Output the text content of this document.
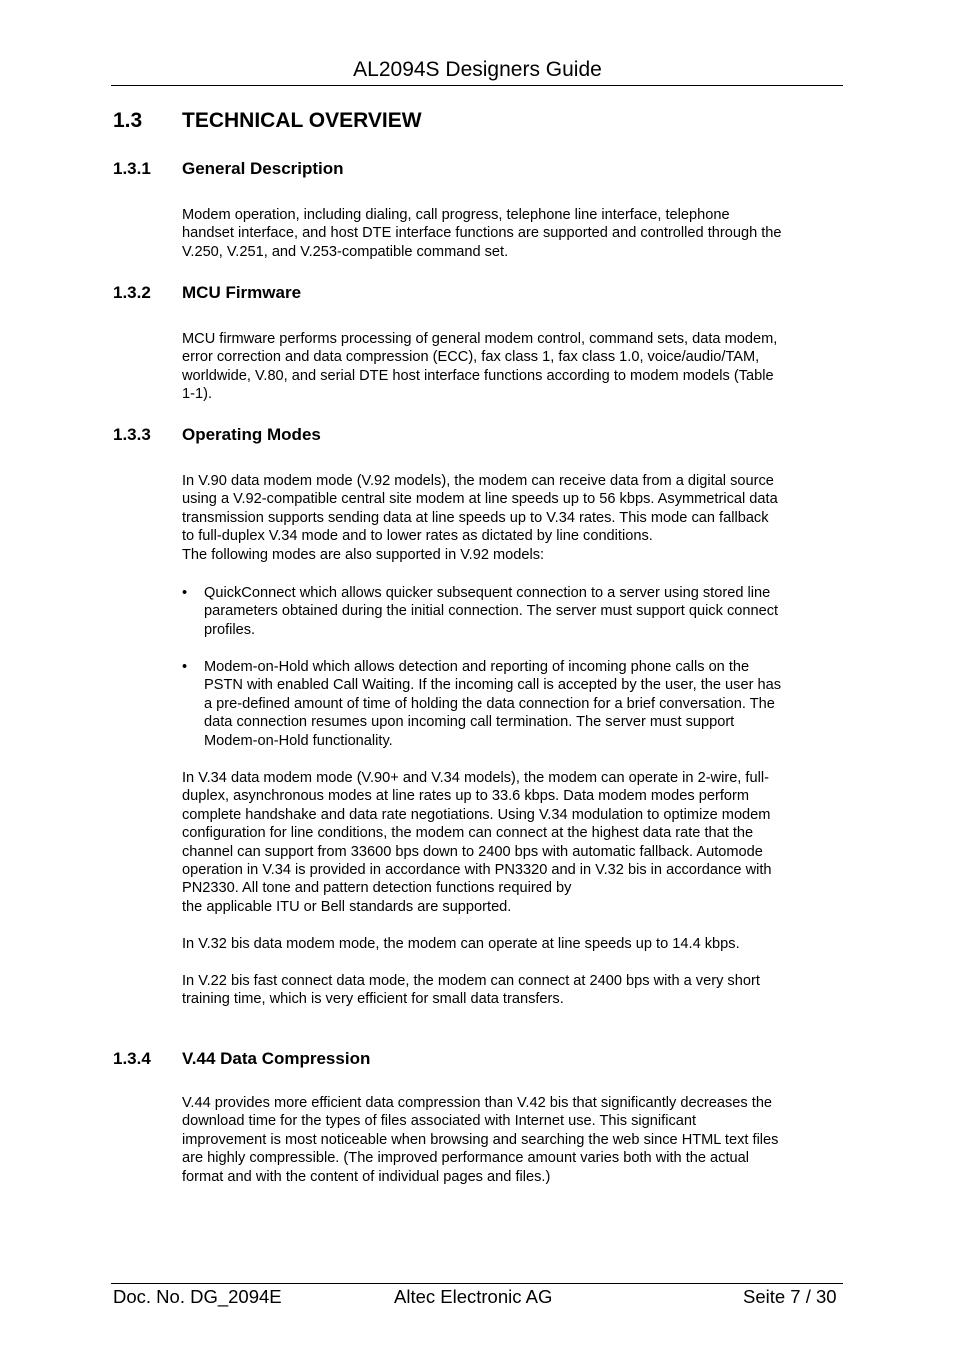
AL2094S Designers Guide
1.3 TECHNICAL OVERVIEW
1.3.1 General Description
Modem operation, including dialing, call progress, telephone line interface, telephone
handset interface, and host DTE interface functions are supported and controlled through the
V.250, V.251, and V.253-compatible command set.
1.3.2 MCU Firmware
MCU firmware performs processing of general modem control, command sets, data modem,
error correction and data compression (ECC), fax class 1, fax class 1.0, voice/audio/TAM,
worldwide, V.80, and serial DTE host interface functions according to modem models (Table
1-1).
1.3.3 Operating Modes
In V.90 data modem mode (V.92 models), the modem can receive data from a digital source
using a V.92-compatible central site modem at line speeds up to 56 kbps. Asymmetrical data
transmission supports sending data at line speeds up to V.34 rates. This mode can fallback
to full-duplex V.34 mode and to lower rates as dictated by line conditions.
The following modes are also supported in V.92 models:
• QuickConnect which allows quicker subsequent connection to a server using stored line
parameters obtained during the initial connection. The server must support quick connect
profiles.
• Modem-on-Hold which allows detection and reporting of incoming phone calls on the
PSTN with enabled Call Waiting. If the incoming call is accepted by the user, the user has
a pre-defined amount of time of holding the data connection for a brief conversation. The
data connection resumes upon incoming call termination. The server must support
Modem-on-Hold functionality.
In V.34 data modem mode (V.90+ and V.34 models), the modem can operate in 2-wire, full-
duplex, asynchronous modes at line rates up to 33.6 kbps. Data modem modes perform
complete handshake and data rate negotiations. Using V.34 modulation to optimize modem
configuration for line conditions, the modem can connect at the highest data rate that the
channel can support from 33600 bps down to 2400 bps with automatic fallback. Automode
operation in V.34 is provided in accordance with PN3320 and in V.32 bis in accordance with
PN2330. All tone and pattern detection functions required by
the applicable ITU or Bell standards are supported.
In V.32 bis data modem mode, the modem can operate at line speeds up to 14.4 kbps.
In V.22 bis fast connect data mode, the modem can connect at 2400 bps with a very short
training time, which is very efficient for small data transfers.
1.3.4 V.44 Data Compression
V.44 provides more efficient data compression than V.42 bis that significantly decreases the
download time for the types of files associated with Internet use. This significant
improvement is most noticeable when browsing and searching the web since HTML text files
are highly compressible. (The improved performance amount varies both with the actual
format and with the content of individual pages and files.)
Doc. No. DG_2094E	Altec Electronic AG	Seite 7 / 30
